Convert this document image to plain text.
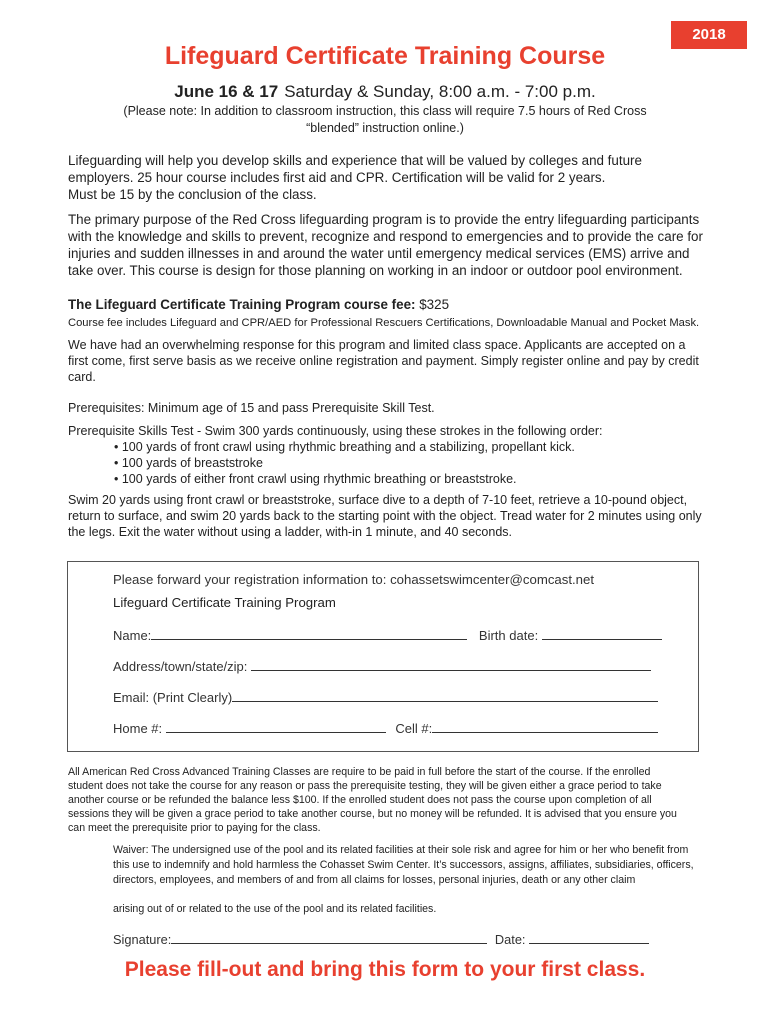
2018
Lifeguard Certificate Training Course
June 16 & 17 Saturday & Sunday, 8:00 a.m. - 7:00 p.m.
(Please note: In addition to classroom instruction, this class will require 7.5 hours of Red Cross “blended” instruction online.)
Lifeguarding will help you develop skills and experience that will be valued by colleges and future employers. 25 hour course includes first aid and CPR. Certification will be valid for 2 years.
Must be 15 by the conclusion of the class.
The primary purpose of the Red Cross lifeguarding program is to provide the entry lifeguarding participants with the knowledge and skills to prevent, recognize and respond to emergencies and to provide the care for injuries and sudden illnesses in and around the water until emergency medical services (EMS) arrive and take over. This course is design for those planning on working in an indoor or outdoor pool environment.
The Lifeguard Certificate Training Program course fee: $325
Course fee includes Lifeguard and CPR/AED for Professional Rescuers Certifications, Downloadable Manual and Pocket Mask.
We have had an overwhelming response for this program and limited class space. Applicants are accepted on a first come, first serve basis as we receive online registration and payment. Simply register online and pay by credit card.
Prerequisites: Minimum age of 15 and pass Prerequisite Skill Test.
Prerequisite Skills Test - Swim 300 yards continuously, using these strokes in the following order:
• 100 yards of front crawl using rhythmic breathing and a stabilizing, propellant kick.
• 100 yards of breaststroke
• 100 yards of either front crawl using rhythmic breathing or breaststroke.
Swim 20 yards using front crawl or breaststroke, surface dive to a depth of 7-10 feet, retrieve a 10-pound object, return to surface, and swim 20 yards back to the starting point with the object. Tread water for 2 minutes using only the legs. Exit the water without using a ladder, with-in 1 minute, and 40 seconds.
Please forward your registration information to: cohassetswimcenter@comcast.net
Lifeguard Certificate Training Program
Name:	Birth date:
Address/town/state/zip:
Email: (Print Clearly)
Home #:	Cell #:
All American Red Cross Advanced Training Classes are require to be paid in full before the start of the course. If the enrolled student does not take the course for any reason or pass the prerequisite testing, they will be given either a grace period to take another course or be refunded the balance less $100. If the enrolled student does not pass the course upon completion of all sessions they will be given a grace period to take another course, but no money will be refunded. It is advised that you ensure you can meet the prerequisite prior to paying for the class.
Waiver: The undersigned use of the pool and its related facilities at their sole risk and agree for him or her who benefit from this use to indemnify and hold harmless the Cohasset Swim Center. It’s successors, assigns, affiliates, subsidiaries, officers, directors, employees, and members of and from all claims for losses, personal injuries, death or any other claim
arising out of or related to the use of the pool and its related facilities.
Signature:	Date:
Please fill-out and bring this form to your first class.
